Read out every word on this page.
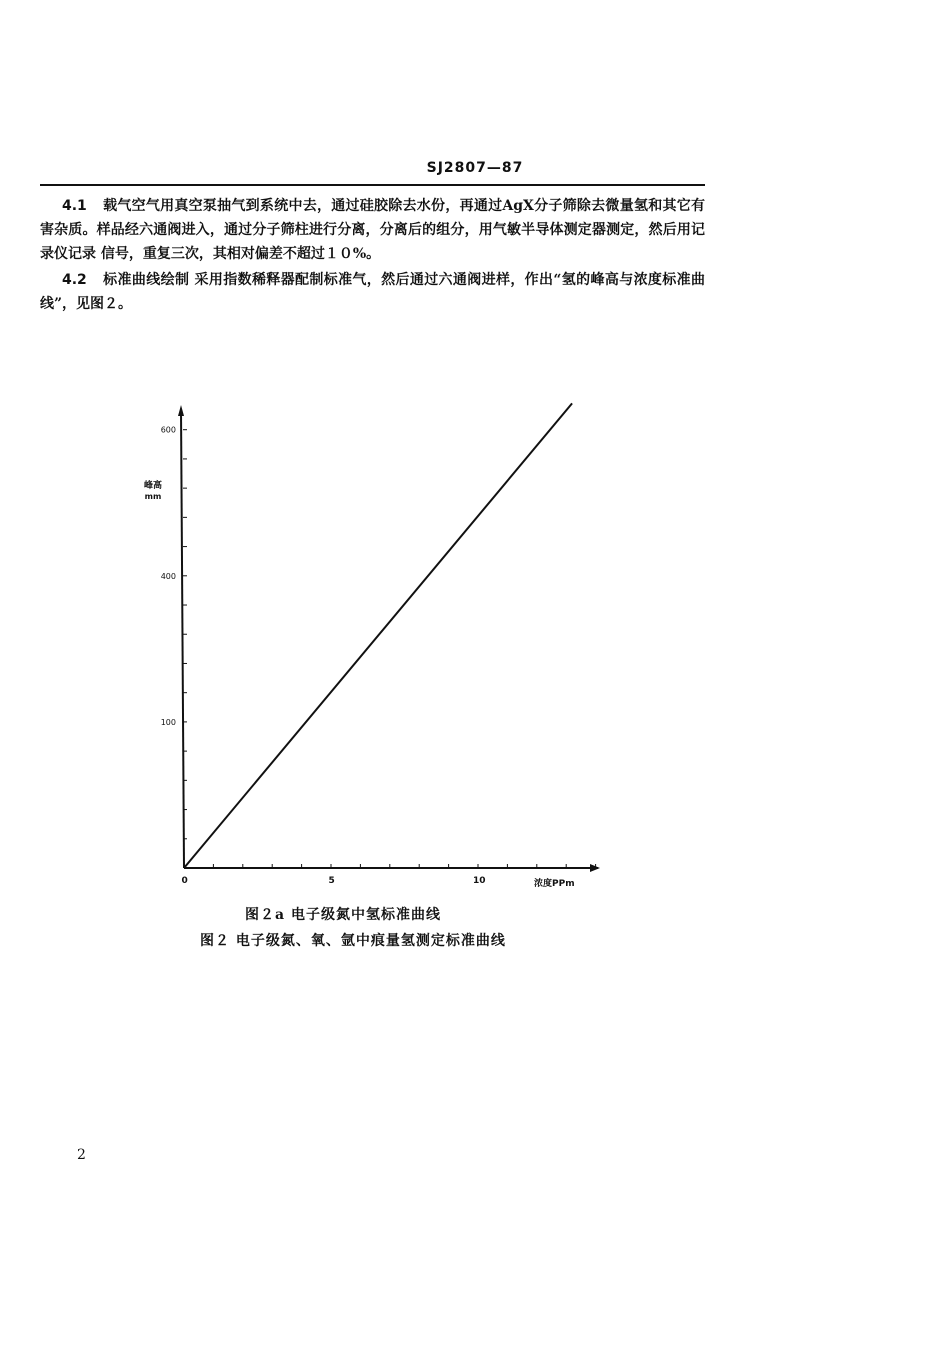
SJ2807—87
4.1 载气空气用真空泵抽气到系统中去，通过硅胶除去水份，再通过AgX分子筛除去微量氢和其它有害杂质。样品经六通阀进入，通过分子筛柱进行分离，分离后的组分，用气敏半导体测定器测定，然后用记录仪记录 信号，重复三次，其相对偏差不超过１０%。
4.2 标准曲线绘制 采用指数稀释器配制标准气，然后通过六通阀进样，作出“氢的峰高与浓度标准曲线”，见图２。
0	5	10
100
400
600
峰高
mm
浓度PPm
图２a 电子级氮中氢标准曲线
图２ 电子级氮、氧、氩中痕量氢测定标准曲线
2
